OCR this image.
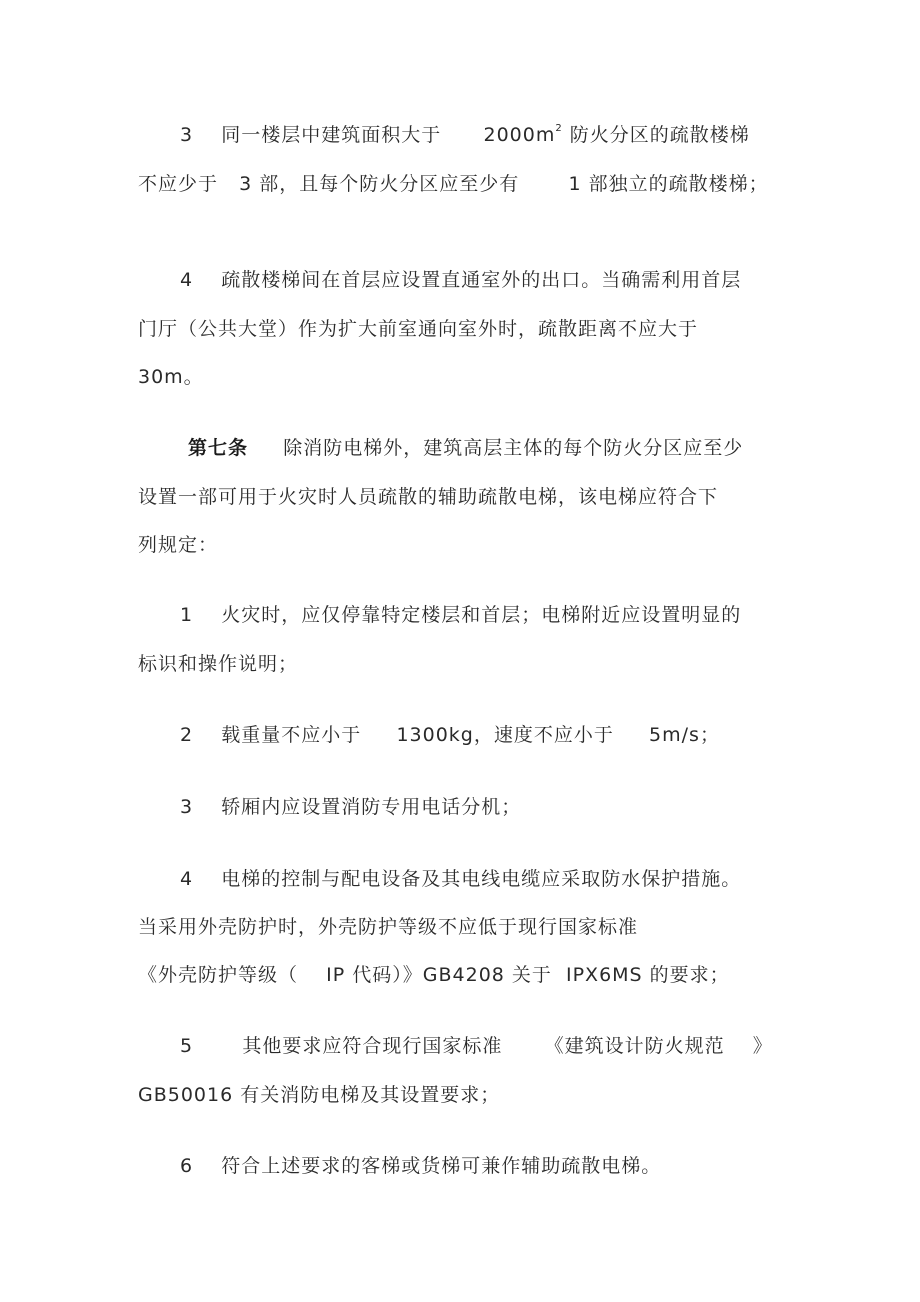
3    同一楼层中建筑面积大于      $2000m^2$ 防火分区的疏散楼梯
不应少于   3 部，且每个防火分区应至少有       1 部独立的疏散楼梯；
4    疏散楼梯间在首层应设置直通室外的出口。当确需利用首层
门厅（公共大堂）作为扩大前室通向室外时，疏散距离不应大于
30m。
第七条     除消防电梯外，建筑高层主体的每个防火分区应至少
设置一部可用于火灾时人员疏散的辅助疏散电梯，该电梯应符合下
列规定：
1    火灾时，应仅停靠特定楼层和首层；电梯附近应设置明显的
标识和操作说明；
2    载重量不应小于     1300kg，速度不应小于     5m/s；
3    轿厢内应设置消防专用电话分机；
4    电梯的控制与配电设备及其电线电缆应采取防水保护措施。
当采用外壳防护时，外壳防护等级不应低于现行国家标准
《外壳防护等级（    IP 代码）》GB4208 关于  IPX6MS 的要求；
5       其他要求应符合现行国家标准      《建筑设计防火规范    》
GB50016 有关消防电梯及其设置要求；
6    符合上述要求的客梯或货梯可兼作辅助疏散电梯。
